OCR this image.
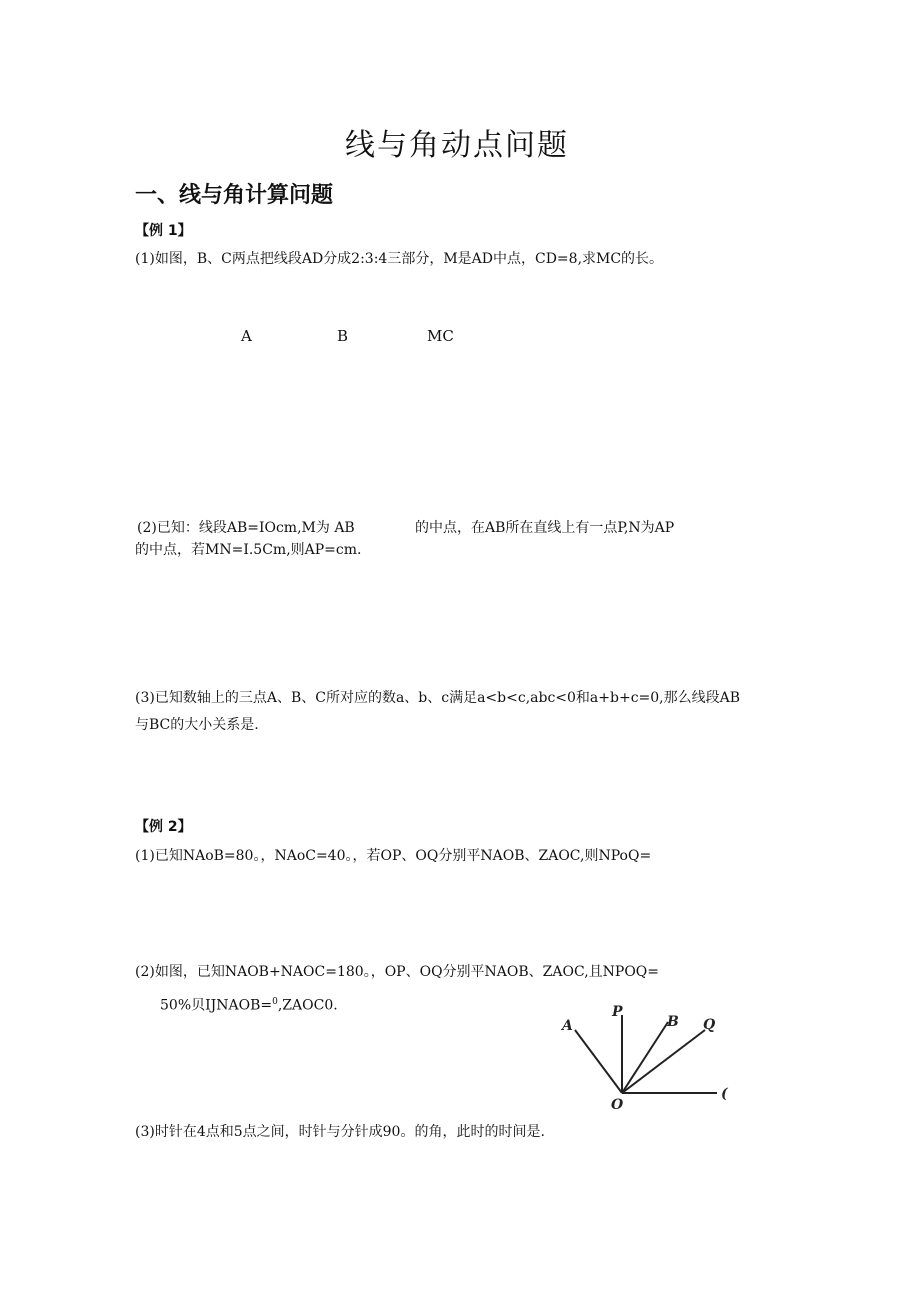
线与角动点问题
一、线与角计算问题
【例 1】
(1)如图，B、C两点把线段AD分成2:3:4三部分，M是AD中点，CD=8,求MC的长。
A	B	MC
(2)已知：线段AB=IOcm,M为 AB	的中点，在AB所在直线上有一点P,N为AP
的中点，若MN=I.5Cm,则AP=cm.
(3)已知数轴上的三点A、B、C所对应的数a、b、c满足a<b<c,abc<0和a+b+c=0,那么线段AB
与BC的大小关系是.
【例 2】
(1)已知NAoB=80。，NAoC=40。，若OP、OQ分别平NAOB、ZAOC,则NPoQ=
(2)如图，已知NAOB+NAOC=180。，OP、OQ分别平NAOB、ZAOC,且NPOQ=
50%贝IJNAOB=$^0$,ZAOC0.
A
P
B Q
O
(
(3)时针在4点和5点之间，时针与分针成90。的角，此时的时间是.
